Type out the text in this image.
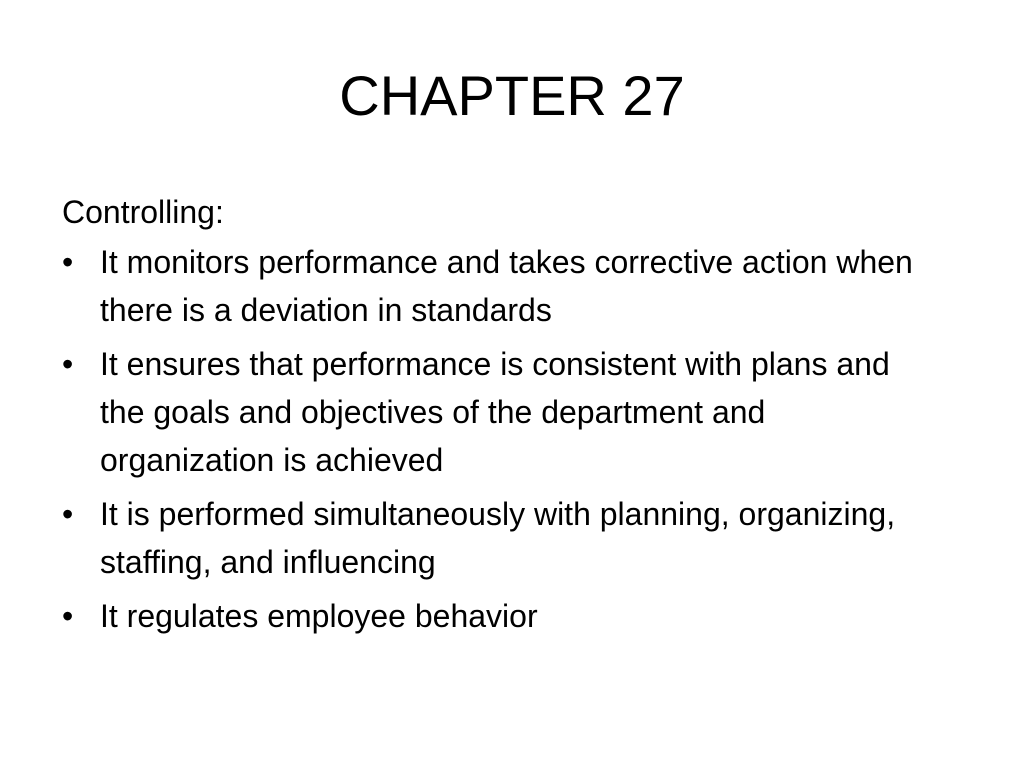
CHAPTER 27

Controlling:

• It monitors performance and takes corrective action when there is a deviation in standards
• It ensures that performance is consistent with plans and the goals and objectives of the department and organization is achieved
• It is performed simultaneously with planning, organizing, staffing, and influencing
• It regulates employee behavior
